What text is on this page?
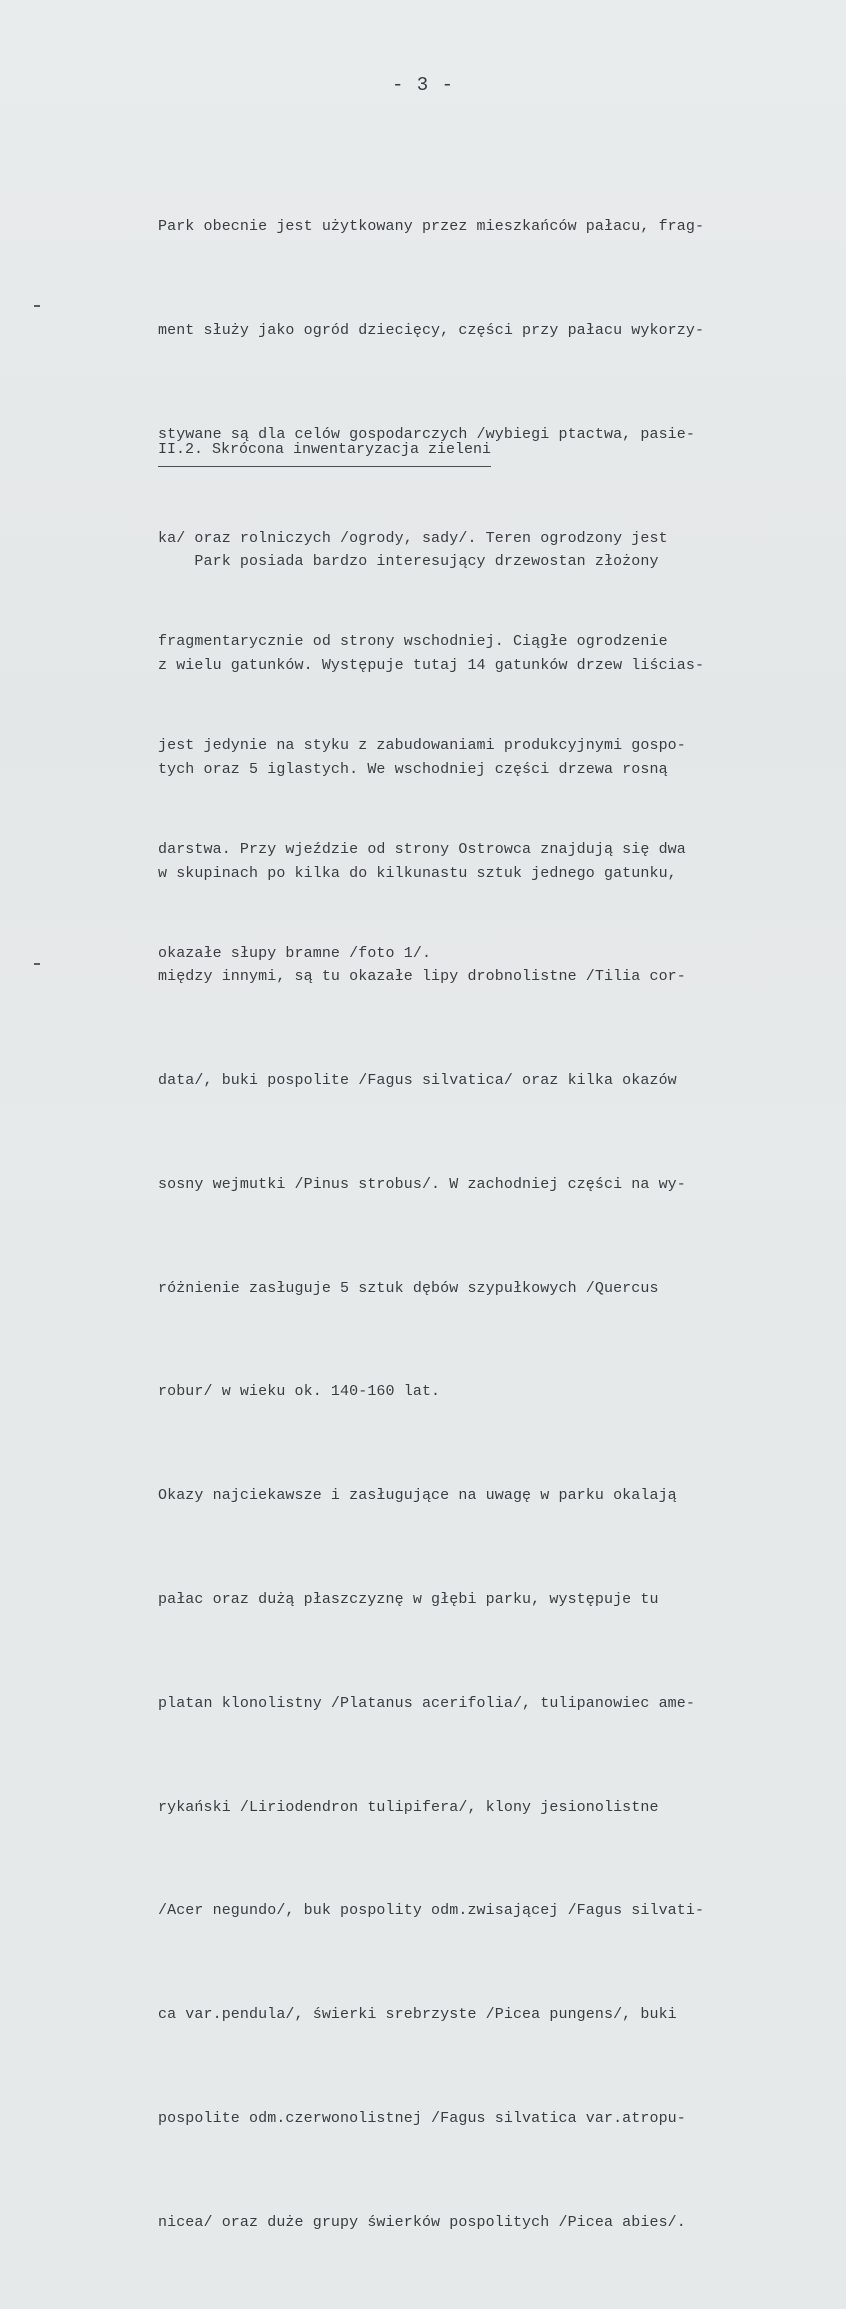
- 3 -

Park obecnie jest użytkowany przez mieszkańców pałacu, frag-

ment służy jako ogród dziecięcy, części przy pałacu wykorzy-

stywane są dla celów gospodarczych /wybiegi ptactwa, pasie-

ka/ oraz rolniczych /ogrody, sady/. Teren ogrodzony jest

fragmentarycznie od strony wschodniej. Ciągłe ogrodzenie

jest jedynie na styku z zabudowaniami produkcyjnymi gospo-

darstwa. Przy wjeździe od strony Ostrowca znajdują się dwa

okazałe słupy bramne /foto 1/.

II.2. Skrócona inwentaryzacja zieleni

Park posiada bardzo interesujący drzewostan złożony

z wielu gatunków. Występuje tutaj 14 gatunków drzew liścias-

tych oraz 5 iglastych. We wschodniej części drzewa rosną

w skupinach po kilka do kilkunastu sztuk jednego gatunku,

między innymi, są tu okazałe lipy drobnolistne /Tilia cor-

data/, buki pospolite /Fagus silvatica/ oraz kilka okazów

sosny wejmutki /Pinus strobus/. W zachodniej części na wy-

różnienie zasługuje 5 sztuk dębów szypułkowych /Quercus

robur/ w wieku ok. 140-160 lat.

Okazy najciekawsze i zasługujące na uwagę w parku okalają

pałac oraz dużą płaszczyznę w głębi parku, występuje tu

platan klonolistny /Platanus acerifolia/, tulipanowiec ame-

rykański /Liriodendron tulipifera/, klony jesionolistne

/Acer negundo/, buk pospolity odm.zwisającej /Fagus silvati-

ca var.pendula/, świerki srebrzyste /Picea pungens/, buki

pospolite odm.czerwonolistnej /Fagus silvatica var.atropu-

nicea/ oraz duże grupy świerków pospolitych /Picea abies/.
